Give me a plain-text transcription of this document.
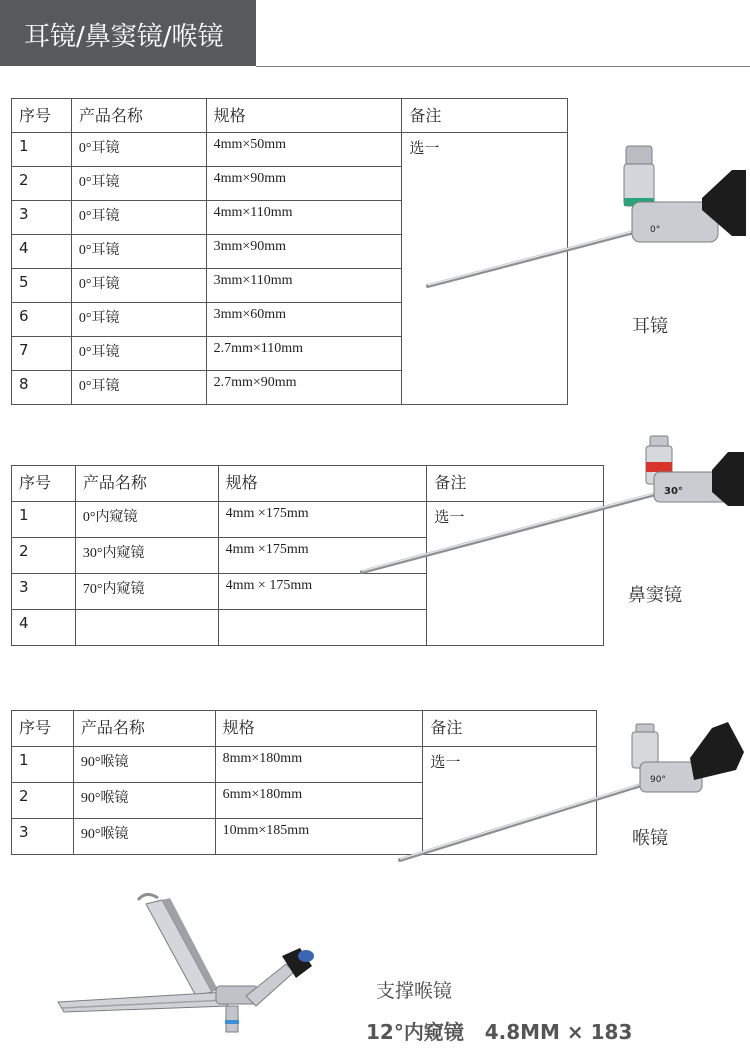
耳镜/鼻窦镜/喉镜
序号	产品名称	规格	备注
1	0°耳镜	4mm×50mm	选一
2	0°耳镜	4mm×90mm	
3	0°耳镜	4mm×110mm	
4	0°耳镜	3mm×90mm	
5	0°耳镜	3mm×110mm	
6	0°耳镜	3mm×60mm	
7	0°耳镜	2.7mm×110mm	
8	0°耳镜	2.7mm×90mm	
0°
耳镜
序号	产品名称	规格	备注
1	0°内窥镜	4mm ×175mm	选一
2	30°内窥镜	4mm ×175mm	
3	70°内窥镜	4mm × 175mm	
4			
30°
鼻窦镜
序号	产品名称	规格	备注
1	90°喉镜	8mm×180mm	选一
2	90°喉镜	6mm×180mm	
3	90°喉镜	10mm×185mm	
90°
喉镜
支撑喉镜
12°内窥镜   4.8MM × 183
